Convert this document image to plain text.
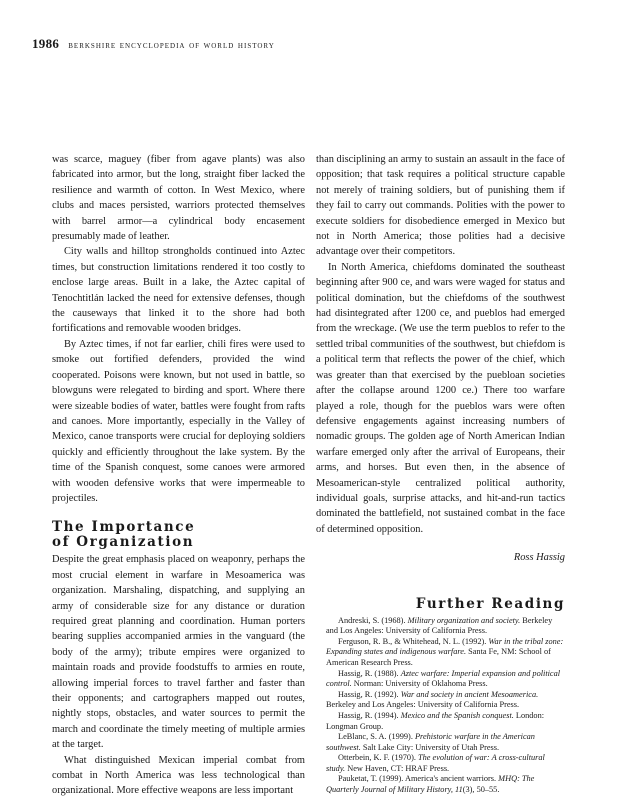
1986 berkshire encyclopedia of world history

was scarce, maguey (fiber from agave plants) was also fabricated into armor, but the long, straight fiber lacked the resilience and warmth of cotton. In West Mexico, where clubs and maces persisted, warriors protected themselves with barrel armor—a cylindrical body encasement presumably made of leather.

City walls and hilltop strongholds continued into Aztec times, but construction limitations rendered it too costly to enclose large areas. Built in a lake, the Aztec capital of Tenochtitlán lacked the need for extensive defenses, though the causeways that linked it to the shore had both fortifications and removable wooden bridges.

By Aztec times, if not far earlier, chili fires were used to smoke out fortified defenders, provided the wind cooperated. Poisons were known, but not used in battle, so blowguns were relegated to birding and sport. Where there were sizeable bodies of water, battles were fought from rafts and canoes. More importantly, especially in the Valley of Mexico, canoe transports were crucial for deploying soldiers quickly and efficiently throughout the lake system. By the time of the Spanish conquest, some canoes were armored with wooden defensive works that were impermeable to projectiles.

The Importance
of Organization

Despite the great emphasis placed on weaponry, perhaps the most crucial element in warfare in Mesoamerica was organization. Marshaling, dispatching, and supplying an army of considerable size for any distance or duration required great planning and coordination. Human porters bearing supplies accompanied armies in the vanguard (the body of the army); tribute empires were organized to maintain roads and provide foodstuffs to armies en route, allowing imperial forces to travel farther and faster than their opponents; and cartographers mapped out routes, nightly stops, obstacles, and water sources to permit the march and coordinate the timely meeting of multiple armies at the target.

What distinguished Mexican imperial combat from combat in North America was less technological than organizational. More effective weapons are less important

than disciplining an army to sustain an assault in the face of opposition; that task requires a political structure capable not merely of training soldiers, but of punishing them if they fail to carry out commands. Polities with the power to execute soldiers for disobedience emerged in Mexico but not in North America; those polities had a decisive advantage over their competitors.

In North America, chiefdoms dominated the southeast beginning after 900 ce, and wars were waged for status and political domination, but the chiefdoms of the southwest had disintegrated after 1200 ce, and pueblos had emerged from the wreckage. (We use the term pueblos to refer to the settled tribal communities of the southwest, but chiefdom is a political term that reflects the power of the chief, which was greater than that exercised by the puebloan societies after the collapse around 1200 ce.) There too warfare played a role, though for the pueblos wars were often defensive engagements against increasing numbers of nomadic groups. The golden age of North American Indian warfare emerged only after the arrival of Europeans, their arms, and horses. But even then, in the absence of Mesoamerican-style centralized political authority, individual goals, surprise attacks, and hit-and-run tactics dominated the battlefield, not sustained combat in the face of determined opposition.

Ross Hassig
Further Reading

Andreski, S. (1968). Military organization and society. Berkeley and Los Angeles: University of California Press.

Ferguson, R. B., & Whitehead, N. L. (1992). War in the tribal zone: Expanding states and indigenous warfare. Santa Fe, NM: School of American Research Press.

Hassig, R. (1988). Aztec warfare: Imperial expansion and political control. Norman: University of Oklahoma Press.

Hassig, R. (1992). War and society in ancient Mesoamerica. Berkeley and Los Angeles: University of California Press.

Hassig, R. (1994). Mexico and the Spanish conquest. London: Longman Group.

LeBlanc, S. A. (1999). Prehistoric warfare in the American southwest. Salt Lake City: University of Utah Press.

Otterbein, K. F. (1970). The evolution of war: A cross-cultural study. New Haven, CT: HRAF Press.

Pauketat, T. (1999). America's ancient warriors. MHQ: The Quarterly Journal of Military History, 11(3), 50–55.
